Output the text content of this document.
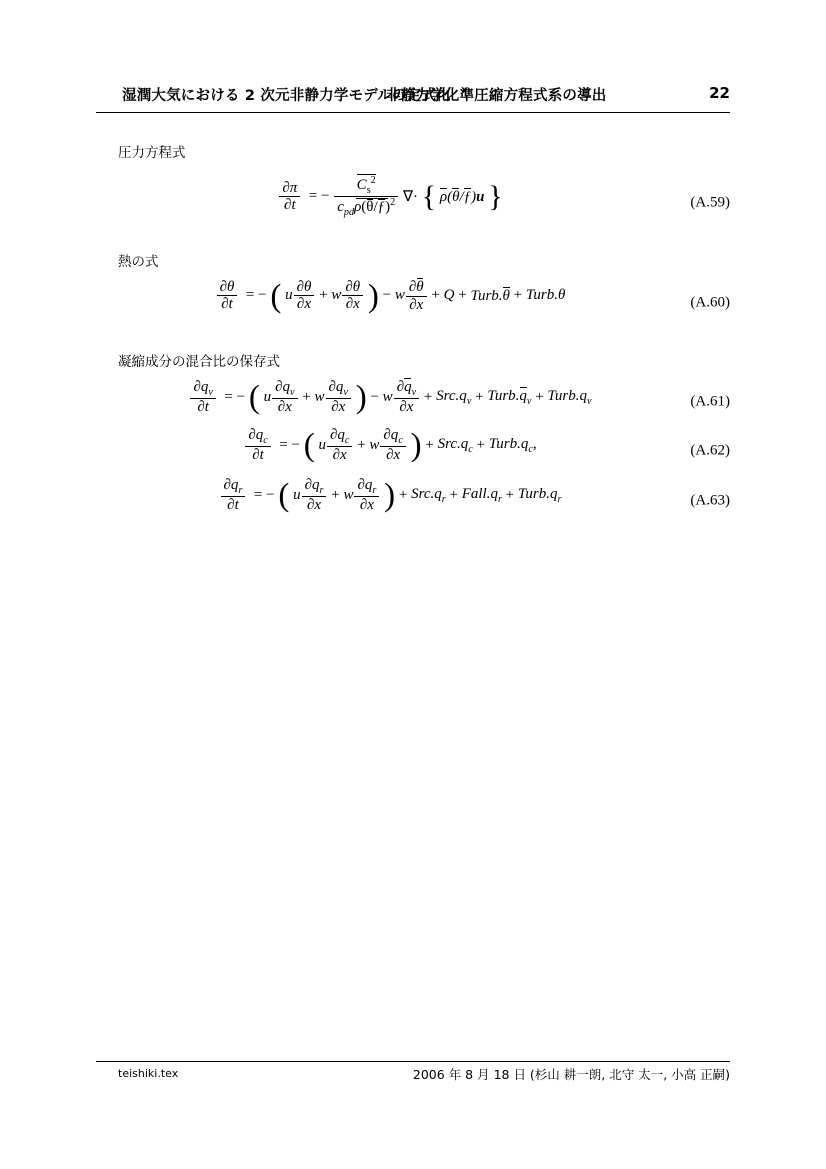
湿潤大気における 2 次元非静力学モデルの定式化
非静力学化準圧縮方程式系の導出	22
圧力方程式
$\frac{\partial\pi}{\partial t}$ = − $\frac{C_s^2}{c_{pd}\rho(\theta/ƒ)^2}$ ∇· { ρ(θ/ƒ)u }	(A.59)
熱の式
$\frac{\partial\theta}{\partial t}$ = − ( u $\frac{\partial\theta}{\partial x} + w \frac{\partial\theta}{\partial x}$ ) − w $\frac{\partial\theta}{\partial x} + Q$ + Turb.θ + Turb.θ	(A.60)
凝縮成分の混合比の保存式
$\frac{\partial q_v}{\partial t}$ = − ( u $\frac{\partial q_v}{\partial x} + w \frac{\partial q_v}{\partial x}$ ) − w $\frac{\partial q_v}{\partial x} + Src.q_v$ + $Turb.q_v$ + $Turb.q_v$	(A.61)
$\frac{\partial q_c}{\partial t}$ = − ( u $\frac{\partial q_c}{\partial x} + w \frac{\partial q_c}{\partial x}$ ) + $Src.q_c$ + $Turb.q_c$,	(A.62)
$\frac{\partial q_r}{\partial t}$ = − ( u $\frac{\partial q_r}{\partial x} + w \frac{\partial q_r}{\partial x}$ ) + $Src.q_r$ + $Fall.q_r$ + $Turb.q_r$	(A.63)
teishiki.tex	2006 年 8 月 18 日 (杉山 耕一朗, 北守 太一, 小高 正嗣)
